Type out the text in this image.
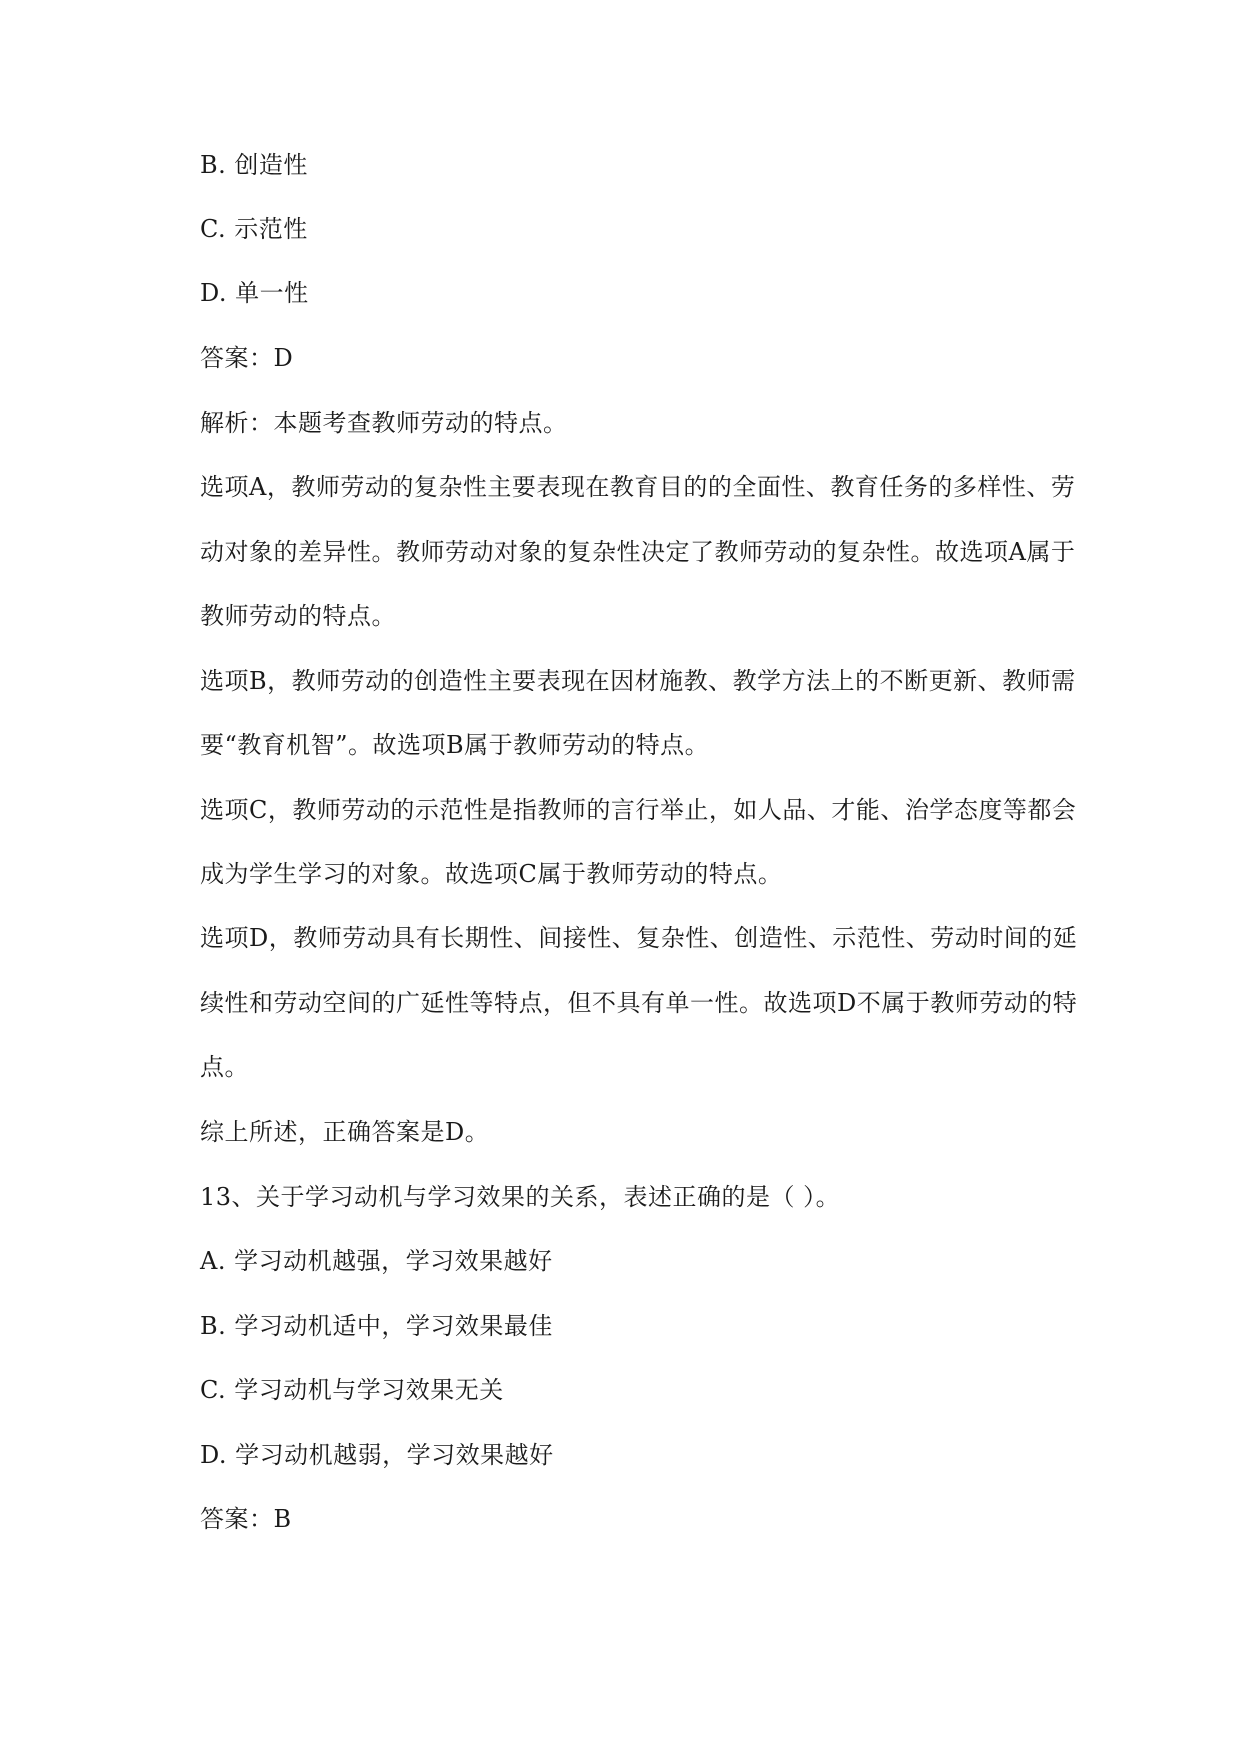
B. 创造性
C. 示范性
D. 单一性
答案：D
解析：本题考查教师劳动的特点。
选项A，教师劳动的复杂性主要表现在教育目的的全面性、教育任务的多样性、劳
动对象的差异性。教师劳动对象的复杂性决定了教师劳动的复杂性。故选项A属于
教师劳动的特点。
选项B，教师劳动的创造性主要表现在因材施教、教学方法上的不断更新、教师需
要“教育机智”。故选项B属于教师劳动的特点。
选项C，教师劳动的示范性是指教师的言行举止，如人品、才能、治学态度等都会
成为学生学习的对象。故选项C属于教师劳动的特点。
选项D，教师劳动具有长期性、间接性、复杂性、创造性、示范性、劳动时间的延
续性和劳动空间的广延性等特点，但不具有单一性。故选项D不属于教师劳动的特
点。
综上所述，正确答案是D。
13、关于学习动机与学习效果的关系，表述正确的是（ ）。
A. 学习动机越强，学习效果越好
B. 学习动机适中，学习效果最佳
C. 学习动机与学习效果无关
D. 学习动机越弱，学习效果越好
答案：B
